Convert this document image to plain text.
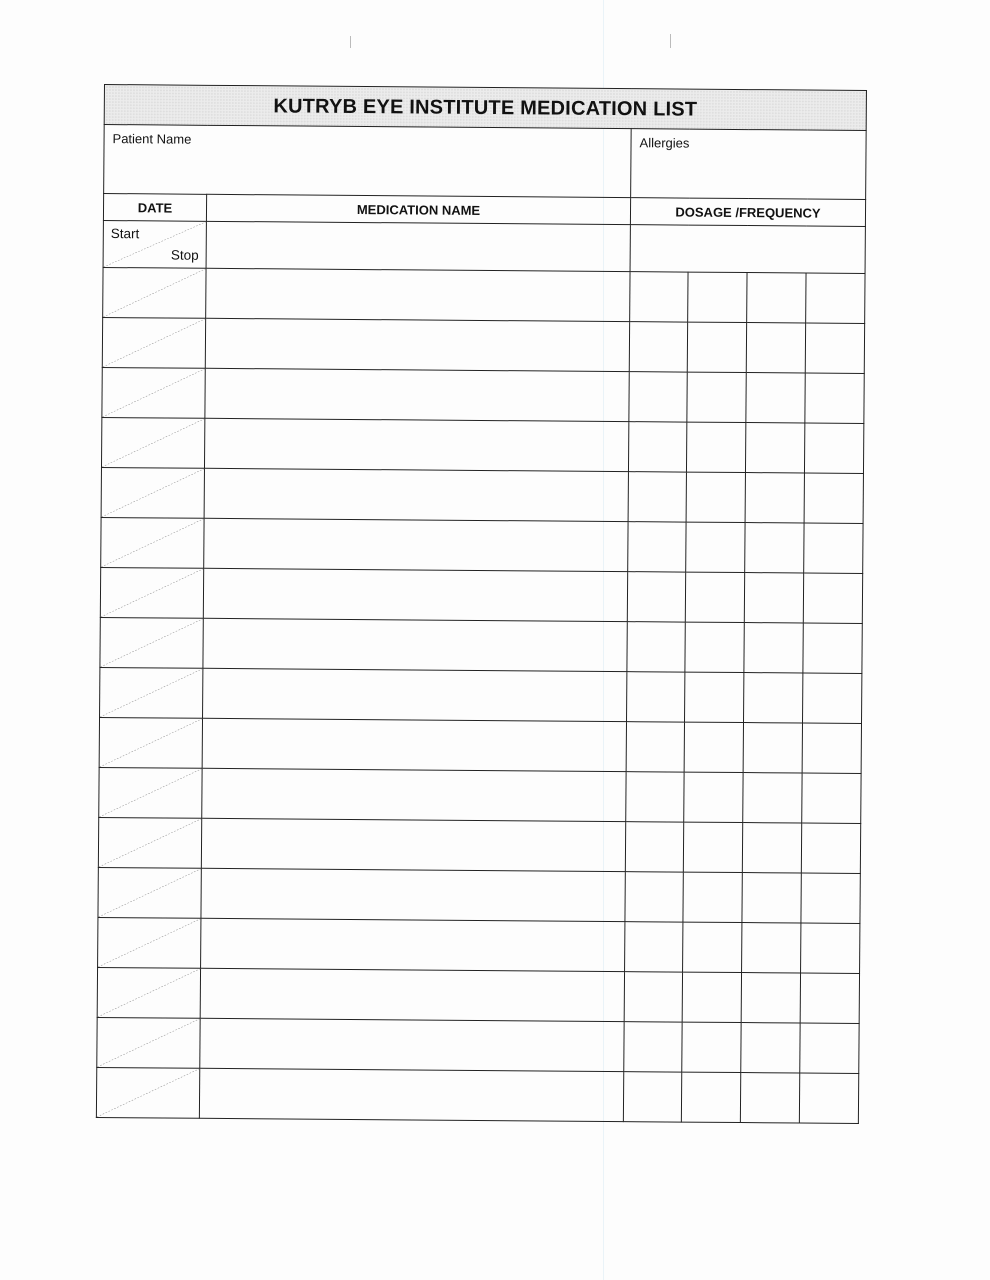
KUTRYB EYE INSTITUTE MEDICATION LIST					
Patient Name		Allergies			
DATE	MEDICATION NAME	DOSAGE /FREQUENCY			

Start
Stop					
